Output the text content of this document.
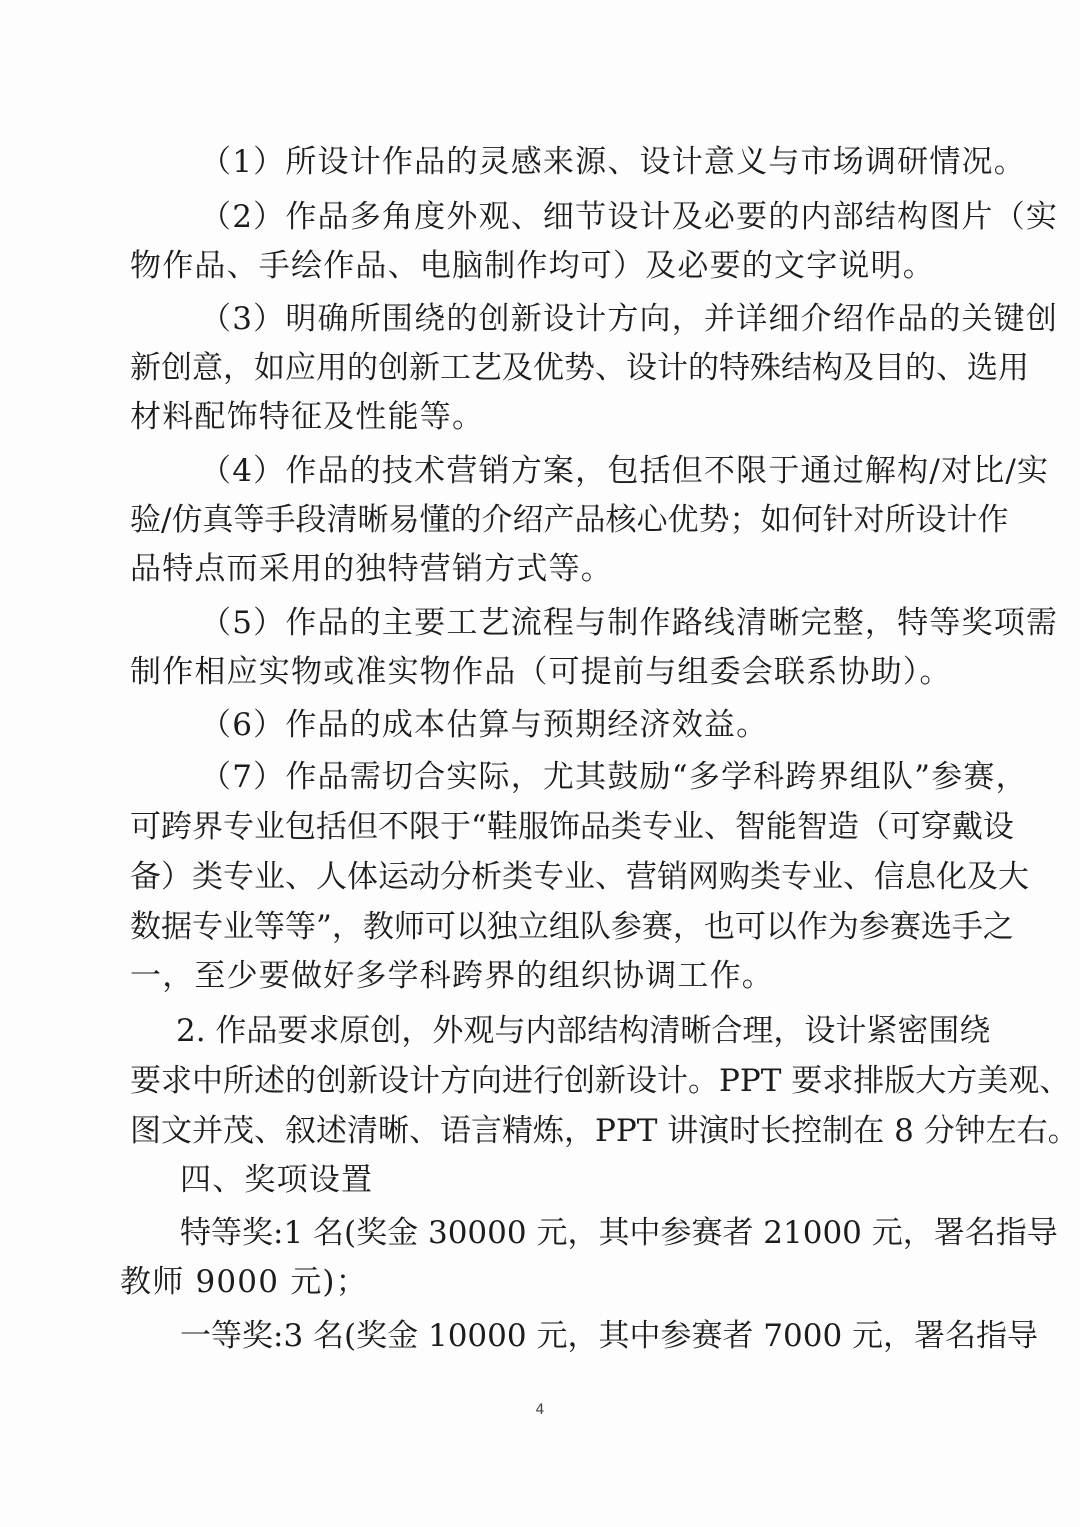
（1）所设计作品的灵感来源、设计意义与市场调研情况。
（2）作品多角度外观、细节设计及必要的内部结构图片（实
物作品、手绘作品、电脑制作均可）及必要的文字说明。
（3）明确所围绕的创新设计方向，并详细介绍作品的关键创
新创意，如应用的创新工艺及优势、设计的特殊结构及目的、选用
材料配饰特征及性能等。
（4）作品的技术营销方案，包括但不限于通过解构/对比/实
验/仿真等手段清晰易懂的介绍产品核心优势；如何针对所设计作
品特点而采用的独特营销方式等。
（5）作品的主要工艺流程与制作路线清晰完整，特等奖项需
制作相应实物或准实物作品（可提前与组委会联系协助）。
（6）作品的成本估算与预期经济效益。
（7）作品需切合实际，尤其鼓励“多学科跨界组队”参赛，
可跨界专业包括但不限于“鞋服饰品类专业、智能智造（可穿戴设
备）类专业、人体运动分析类专业、营销网购类专业、信息化及大
数据专业等等”，教师可以独立组队参赛，也可以作为参赛选手之
一，至少要做好多学科跨界的组织协调工作。
2. 作品要求原创，外观与内部结构清晰合理，设计紧密围绕
要求中所述的创新设计方向进行创新设计。PPT 要求排版大方美观、
图文并茂、叙述清晰、语言精炼，PPT 讲演时长控制在 8 分钟左右。
四、奖项设置
特等奖:1 名(奖金 30000 元，其中参赛者 21000 元，署名指导
教师 9000 元)；
一等奖:3 名(奖金 10000 元，其中参赛者 7000 元，署名指导
4
